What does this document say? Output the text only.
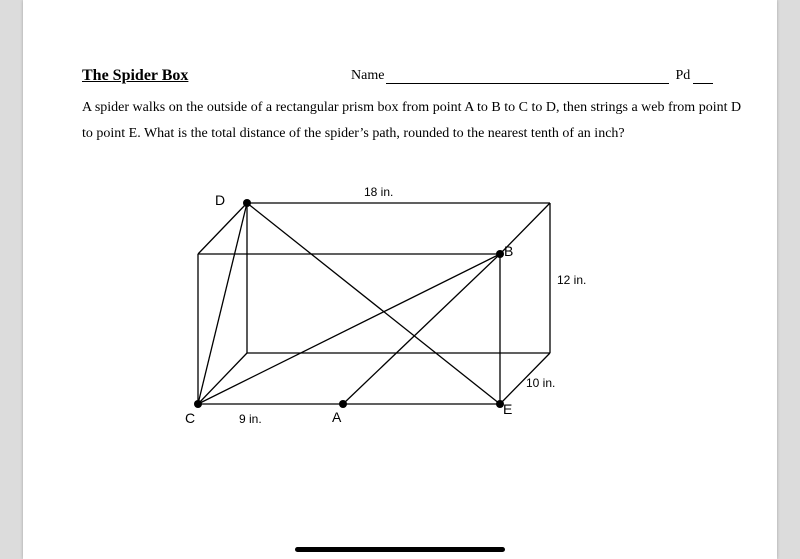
The Spider Box	Name	Pd
A spider walks on the outside of a rectangular prism box from point A to B to C to D, then strings a web from point D to point E. What is the total distance of the spider’s path, rounded to the nearest tenth of an inch?
D
B
C	A	E
18 in.
12 in.
10 in.
9 in.
